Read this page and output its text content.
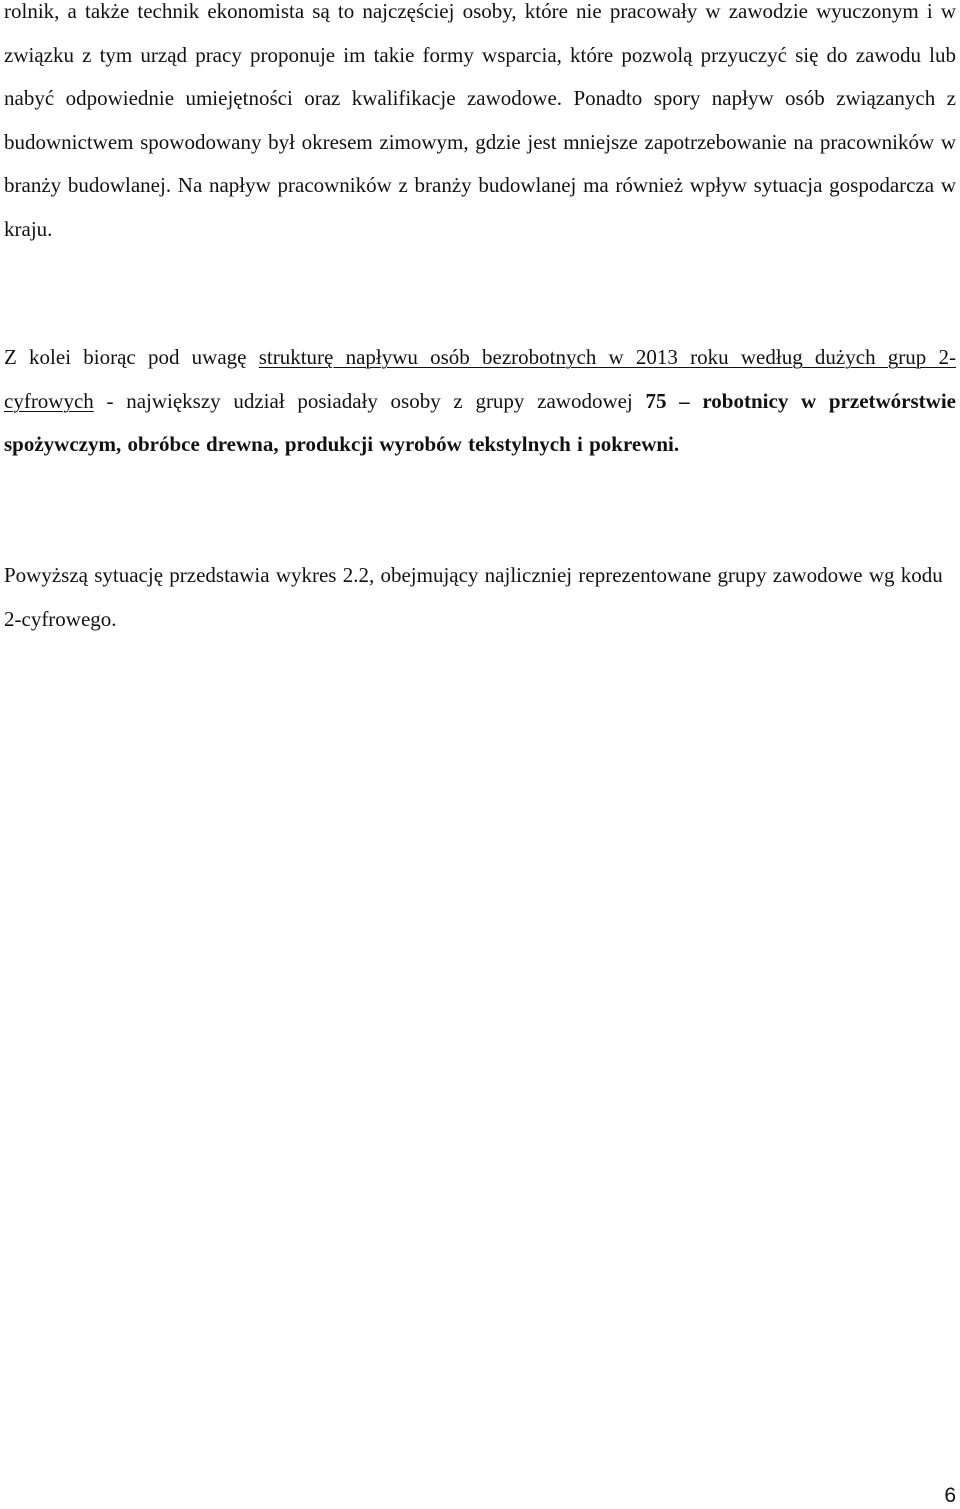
rolnik, a także technik ekonomista są to najczęściej osoby, które nie pracowały w zawodzie wyuczonym i w związku z tym urząd pracy proponuje im takie formy wsparcia, które pozwolą przyuczyć się do zawodu lub nabyć odpowiednie umiejętności oraz kwalifikacje zawodowe. Ponadto spory napływ osób związanych z budownictwem spowodowany był okresem zimowym, gdzie jest mniejsze zapotrzebowanie na pracowników w branży budowlanej. Na napływ pracowników z branży budowlanej ma również wpływ sytuacja gospodarcza w kraju.

Z kolei biorąc pod uwagę strukturę napływu osób bezrobotnych w 2013 roku według dużych grup 2-cyfrowych - największy udział posiadały osoby z grupy zawodowej 75 – robotnicy w przetwórstwie spożywczym, obróbce drewna, produkcji wyrobów tekstylnych i pokrewni.

Powyższą sytuację przedstawia wykres 2.2, obejmujący najliczniej reprezentowane grupy zawodowe wg kodu 2-cyfrowego.

6
